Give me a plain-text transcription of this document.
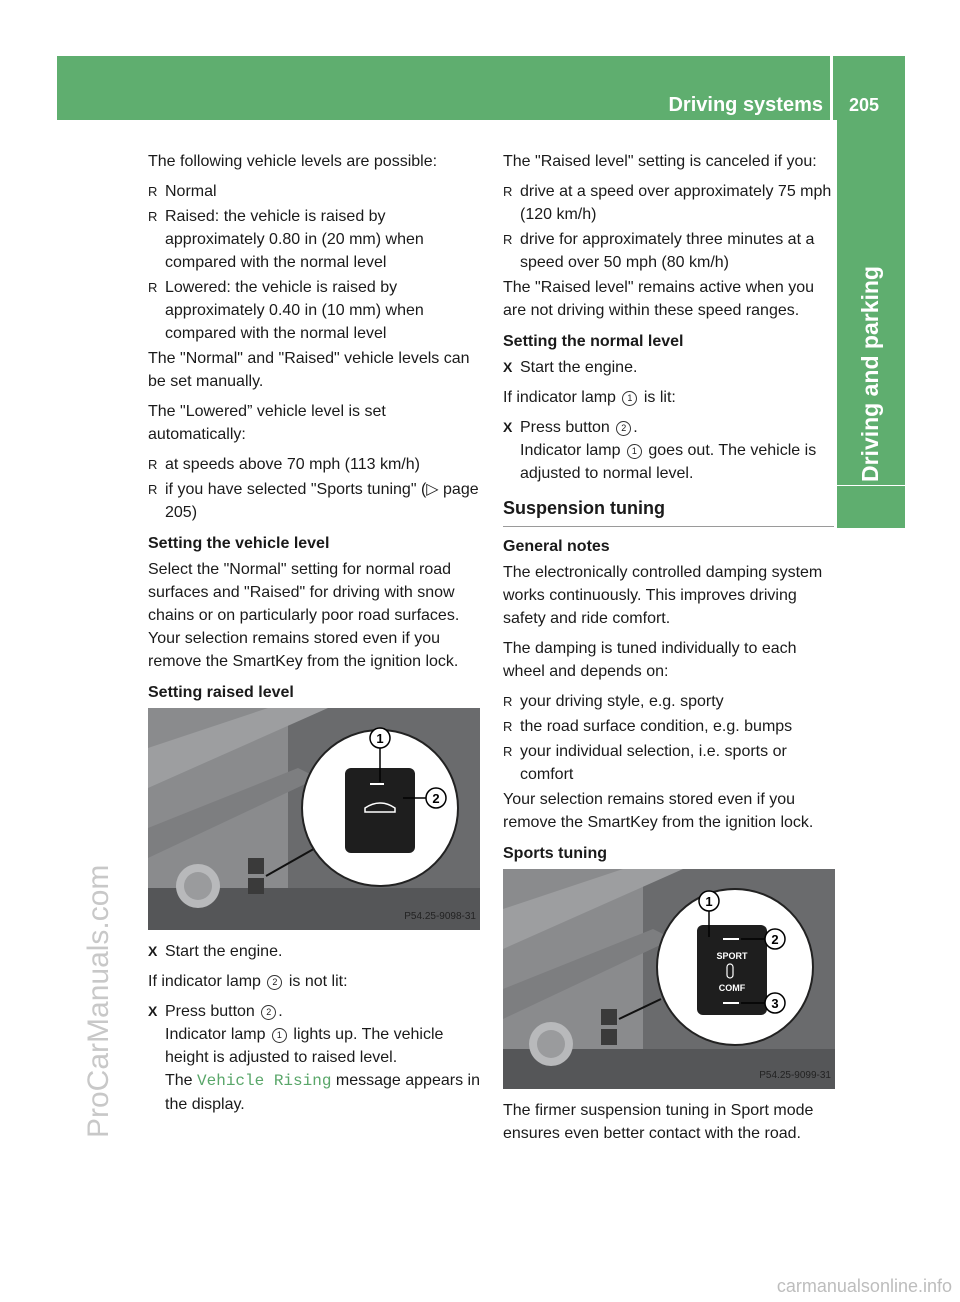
Driving systems 205
Driving and parking
ProCarManuals.com
carmanualsonline.info

The following vehicle levels are possible:

R Normal
R Raised: the vehicle is raised by approximately 0.80 in (20 mm) when compared with the normal level
R Lowered: the vehicle is raised by approximately 0.40 in (10 mm) when compared with the normal level

The "Normal" and "Raised" vehicle levels can be set manually.

The "Lowered” vehicle level is set automatically:

R at speeds above 70 mph (113 km/h)
R if you have selected "Sports tuning" (▷ page 205)
Setting the vehicle level

Select the "Normal" setting for normal road surfaces and "Raised" for driving with snow chains or on particularly poor road surfaces. Your selection remains stored even if you remove the SmartKey from the ignition lock.

Setting raised level
1
2
P54.25-9098-31
X Start the engine.

If indicator lamp 2 is not lit:

X Press button 2 .
Indicator lamp 1 lights up. The vehicle height is adjusted to raised level.
The Vehicle Rising message appears in the display.

The "Raised level" setting is canceled if you:

R drive at a speed over approximately 75 mph (120 km/h)
R drive for approximately three minutes at a speed over 50 mph (80 km/h)

The "Raised level" remains active when you are not driving within these speed ranges.

Setting the normal level
X Start the engine.

If indicator lamp 1 is lit:

X Press button 2 .
Indicator lamp 1 goes out. The vehicle is adjusted to normal level.
Suspension tuning
General notes

The electronically controlled damping system works continuously. This improves driving safety and ride comfort.

The damping is tuned individually to each wheel and depends on:

R your driving style, e.g. sporty
R the road surface condition, e.g. bumps
R your individual selection, i.e. sports or comfort

Your selection remains stored even if you remove the SmartKey from the ignition lock.

Sports tuning
SPORT
COMF
1
2
3
P54.25-9099-31

The firmer suspension tuning in Sport mode ensures even better contact with the road.
